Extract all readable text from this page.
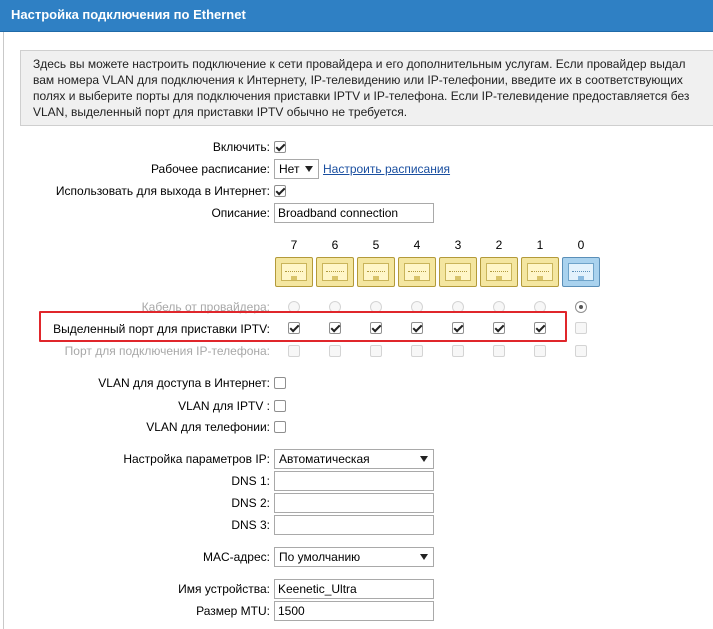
Настройка подключения по Ethernet
Здесь вы можете настроить подключение к сети провайдера и его дополнительным услугам. Если провайдер выдал вам номера VLAN для подключения к Интернету, IP-телевидению или IP-телефонии, введите их в соответствующих полях и выберите порты для подключения приставки IPTV и IP-телефона. Если IP-телевидение предоставляется без VLAN, выделенный порт для приставки IPTV обычно не требуется.
Включить:
Рабочее расписание: Нет	Настроить расписания
Использовать для выхода в Интернет:
Описание: Broadband connection
7	6	5	4	3	2	1	0
Кабель от провайдера:
Выделенный порт для приставки IPTV:
Порт для подключения IP-телефона:
VLAN для доступа в Интернет:
VLAN для IPTV :
VLAN для телефонии:
Настройка параметров IP: Автоматическая
DNS 1:
DNS 2:
DNS 3:
MAC-адрес: По умолчанию
Имя устройства: Keenetic_Ultra
Размер MTU: 1500
